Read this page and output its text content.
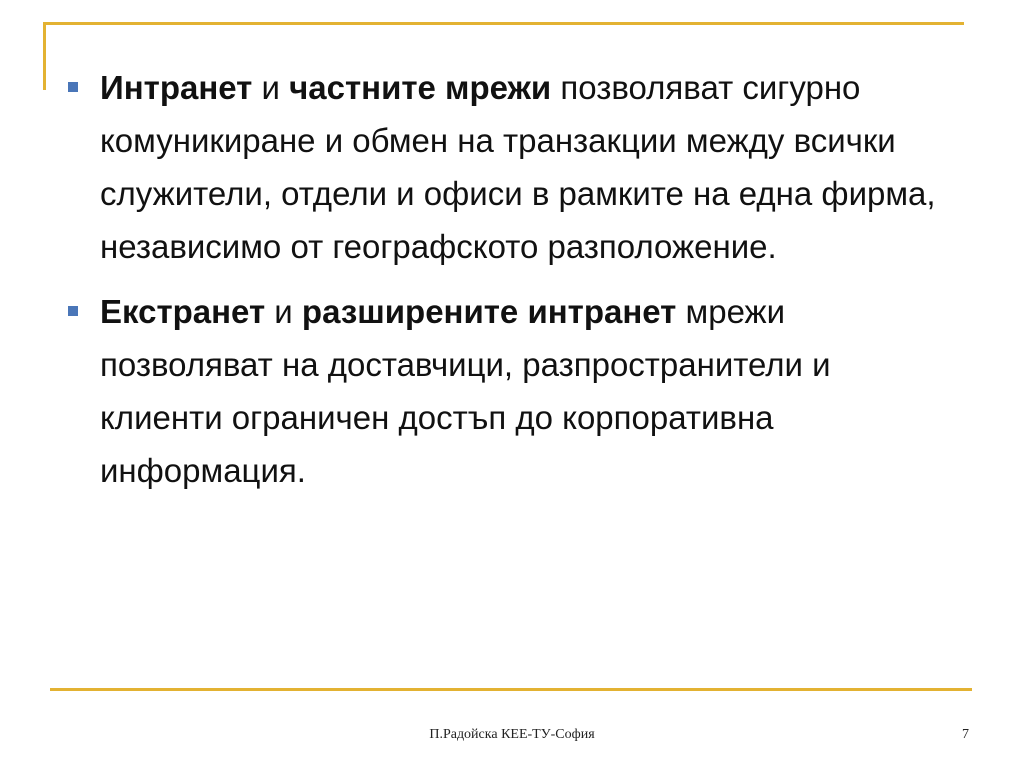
Интранет и частните мрежи позволяват сигурно комуникиране и обмен на транзакции между всички служители, отдели и офиси в рамките на една фирма, независимо от географското разположение.
Екстранет и разширените интранет мрежи позволяват на доставчици, разпространители и клиенти ограничен достъп до корпоративна информация.
П.Радойска КЕЕ-ТУ-София	7
